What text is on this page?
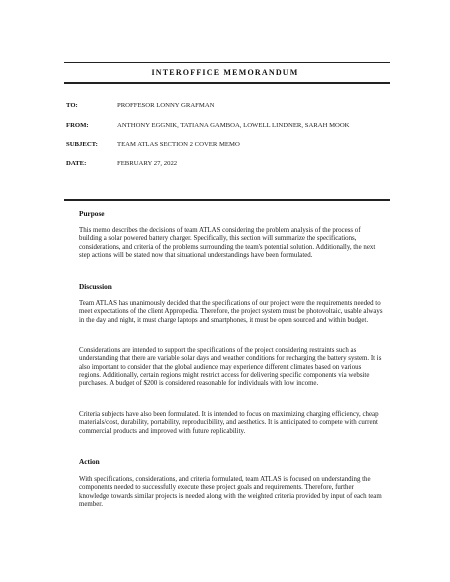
INTEROFFICE MEMORANDUM
TO:	PROFFESOR LONNY GRAFMAN
FROM:	ANTHONY EGGNIK, TATIANA GAMBOA, LOWELL LINDNER, SARAH MOOK
SUBJECT:	TEAM ATLAS SECTION 2 COVER MEMO
DATE:	FEBRUARY 27, 2022
Purpose

This memo describes the decisions of team ATLAS considering the problem analysis of the process of building a solar powered battery charger. Specifically, this section will summarize the specifications, considerations, and criteria of the problems surrounding the team's potential solution. Additionally, the next step actions will be stated now that situational understandings have been formulated.

Discussion

Team ATLAS has unanimously decided that the specifications of our project were the requirements needed to meet expectations of the client Appropedia. Therefore, the project system must be photovoltaic, usable always in the day and night, it must charge laptops and smartphones, it must be open sourced and within budget.

Considerations are intended to support the specifications of the project considering restraints such as understanding that there are variable solar days and weather conditions for recharging the battery system. It is also important to consider that the global audience may experience different climates based on various regions. Additionally, certain regions might restrict access for delivering specific components via website purchases. A budget of $200 is considered reasonable for individuals with low income.

Criteria subjects have also been formulated. It is intended to focus on maximizing charging efficiency, cheap materials/cost, durability, portability, reproducibility, and aesthetics. It is anticipated to compete with current commercial products and improved with future replicability.

Action

With specifications, considerations, and criteria formulated, team ATLAS is focused on understanding the components needed to successfully execute these project goals and requirements. Therefore, further knowledge towards similar projects is needed along with the weighted criteria provided by input of each team member.
